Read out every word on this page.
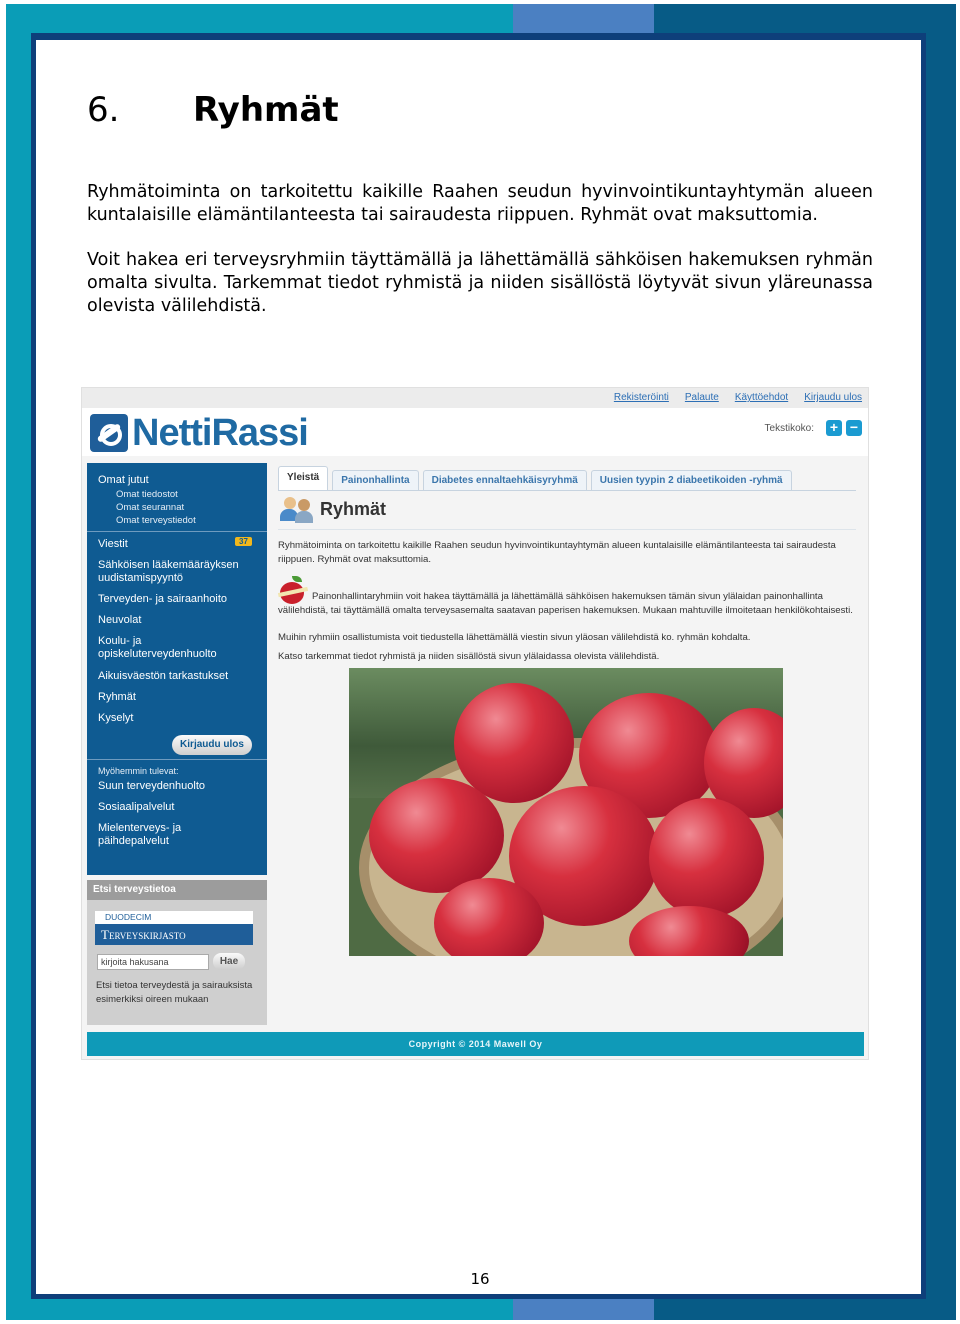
6. Ryhmät

Ryhmätoiminta on tarkoitettu kaikille Raahen seudun hyvinvointikuntayhtymän alueen kuntalaisille elämäntilanteesta tai sairaudesta riippuen. Ryhmät ovat maksuttomia.

Voit hakea eri terveysryhmiin täyttämällä ja lähettämällä sähköisen hakemuksen ryhmän omalta sivulta. Tarkemmat tiedot ryhmistä ja niiden sisällöstä löytyvät sivun yläreunassa olevista välilehdistä.

Rekisteröinti Palaute Käyttöehdot Kirjaudu ulos
NettiRassi	Tekstikoko: + −
Omat jutut
Omat tiedostot
Omat seurannat
Omat terveystiedot
Viestit	37
Sähköisen lääkemääräyksen uudistamispyyntö
Terveyden- ja sairaanhoito
Neuvolat
Koulu- ja opiskeluterveydenhuolto
Aikuisväestön tarkastukset
Ryhmät
Kyselyt
Kirjaudu ulos
Myöhemmin tulevat:
Suun terveydenhuolto
Sosiaalipalvelut
Mielenterveys- ja päihdepalvelut
Etsi terveystietoa
DUODECIM
Terveyskirjasto
kirjoita hakusana	Hae
Etsi tietoa terveydestä ja sairauksista esimerkiksi oireen mukaan
Yleistä	Painonhallinta	Diabetes ennaltaehkäisyryhmä	Uusien tyypin 2 diabeetikoiden -ryhmä
Ryhmät

Ryhmätoiminta on tarkoitettu kaikille Raahen seudun hyvinvointikuntayhtymän alueen kuntalaisille elämäntilanteesta tai sairaudesta riippuen. Ryhmät ovat maksuttomia.

Painonhallintaryhmiin voit hakea täyttämällä ja lähettämällä sähköisen hakemuksen tämän sivun ylälaidan painonhallinta välilehdistä, tai täyttämällä omalta terveysasemalta saatavan paperisen hakemuksen. Mukaan mahtuville ilmoitetaan henkilökohtaisesti.

Muihin ryhmiin osallistumista voit tiedustella lähettämällä viestin sivun yläosan välilehdistä ko. ryhmän kohdalta.

Katso tarkemmat tiedot ryhmistä ja niiden sisällöstä sivun ylälaidassa olevista välilehdistä.

Copyright © 2014 Mawell Oy
16
